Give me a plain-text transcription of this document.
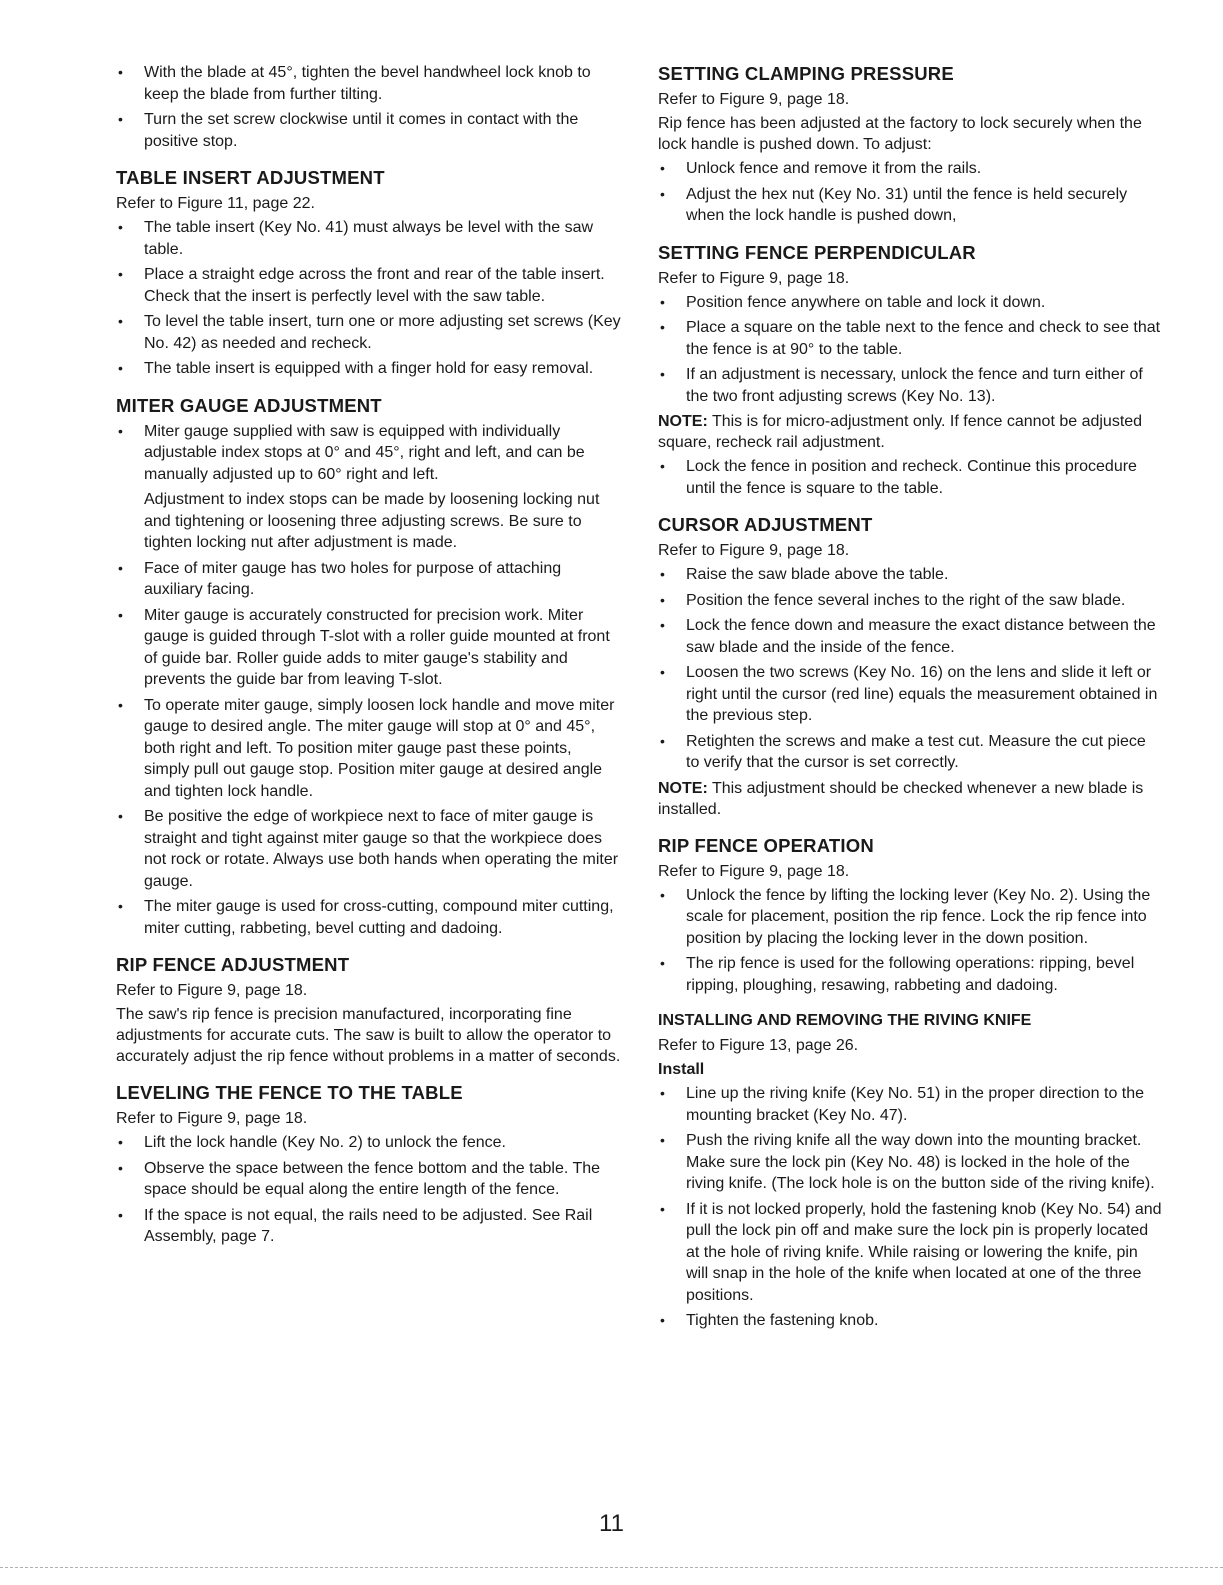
• With the blade at 45°, tighten the bevel handwheel lock knob to keep the blade from further tilting.
• Turn the set screw clockwise until it comes in contact with the positive stop.
TABLE INSERT ADJUSTMENT

Refer to Figure 11, page 22.

• The table insert (Key No. 41) must always be level with the saw table.
• Place a straight edge across the front and rear of the table insert. Check that the insert is perfectly level with the saw table.
• To level the table insert, turn one or more adjusting set screws (Key No. 42) as needed and recheck.
• The table insert is equipped with a finger hold for easy removal.
MITER GAUGE ADJUSTMENT
• Miter gauge supplied with saw is equipped with individually adjustable index stops at 0° and 45°, right and left, and can be manually adjusted up to 60° right and left.

Adjustment to index stops can be made by loosening locking nut and tightening or loosening three adjusting screws. Be sure to tighten locking nut after adjustment is made.

• Face of miter gauge has two holes for purpose of attaching auxiliary facing.
• Miter gauge is accurately constructed for precision work. Miter gauge is guided through T-slot with a roller guide mounted at front of guide bar. Roller guide adds to miter gauge's stability and prevents the guide bar from leaving T-slot.
• To operate miter gauge, simply loosen lock handle and move miter gauge to desired angle. The miter gauge will stop at 0° and 45°, both right and left. To position miter gauge past these points, simply pull out gauge stop. Position miter gauge at desired angle and tighten lock handle.
• Be positive the edge of workpiece next to face of miter gauge is straight and tight against miter gauge so that the workpiece does not rock or rotate. Always use both hands when operating the miter gauge.
• The miter gauge is used for cross-cutting, compound miter cutting, miter cutting, rabbeting, bevel cutting and dadoing.
RIP FENCE ADJUSTMENT

Refer to Figure 9, page 18.

The saw's rip fence is precision manufactured, incorporating fine adjustments for accurate cuts. The saw is built to allow the operator to accurately adjust the rip fence without problems in a matter of seconds.

LEVELING THE FENCE TO THE TABLE

Refer to Figure 9, page 18.

• Lift the lock handle (Key No. 2) to unlock the fence.
• Observe the space between the fence bottom and the table. The space should be equal along the entire length of the fence.
• If the space is not equal, the rails need to be adjusted. See Rail Assembly, page 7.
SETTING CLAMPING PRESSURE

Refer to Figure 9, page 18.

Rip fence has been adjusted at the factory to lock securely when the lock handle is pushed down. To adjust:

• Unlock fence and remove it from the rails.
• Adjust the hex nut (Key No. 31) until the fence is held securely when the lock handle is pushed down,
SETTING FENCE PERPENDICULAR

Refer to Figure 9, page 18.

• Position fence anywhere on table and lock it down.
• Place a square on the table next to the fence and check to see that the fence is at 90° to the table.
• If an adjustment is necessary, unlock the fence and turn either of the two front adjusting screws (Key No. 13).

NOTE: This is for micro-adjustment only. If fence cannot be adjusted square, recheck rail adjustment.

• Lock the fence in position and recheck. Continue this procedure until the fence is square to the table.
CURSOR ADJUSTMENT

Refer to Figure 9, page 18.

• Raise the saw blade above the table.
• Position the fence several inches to the right of the saw blade.
• Lock the fence down and measure the exact distance between the saw blade and the inside of the fence.
• Loosen the two screws (Key No. 16) on the lens and slide it left or right until the cursor (red line) equals the measurement obtained in the previous step.
• Retighten the screws and make a test cut. Measure the cut piece to verify that the cursor is set correctly.

NOTE: This adjustment should be checked whenever a new blade is installed.

RIP FENCE OPERATION

Refer to Figure 9, page 18.

• Unlock the fence by lifting the locking lever (Key No. 2). Using the scale for placement, position the rip fence. Lock the rip fence into position by placing the locking lever in the down position.
• The rip fence is used for the following operations: ripping, bevel ripping, ploughing, resawing, rabbeting and dadoing.
INSTALLING AND REMOVING THE RIVING KNIFE

Refer to Figure 13, page 26.

Install

• Line up the riving knife (Key No. 51) in the proper direction to the mounting bracket (Key No. 47).
• Push the riving knife all the way down into the mounting bracket. Make sure the lock pin (Key No. 48) is locked in the hole of the riving knife. (The lock hole is on the button side of the riving knife).
• If it is not locked properly, hold the fastening knob (Key No. 54) and pull the lock pin off and make sure the lock pin is properly located at the hole of riving knife. While raising or lowering the knife, pin will snap in the hole of the knife when located at one of the three positions.
• Tighten the fastening knob.
11
